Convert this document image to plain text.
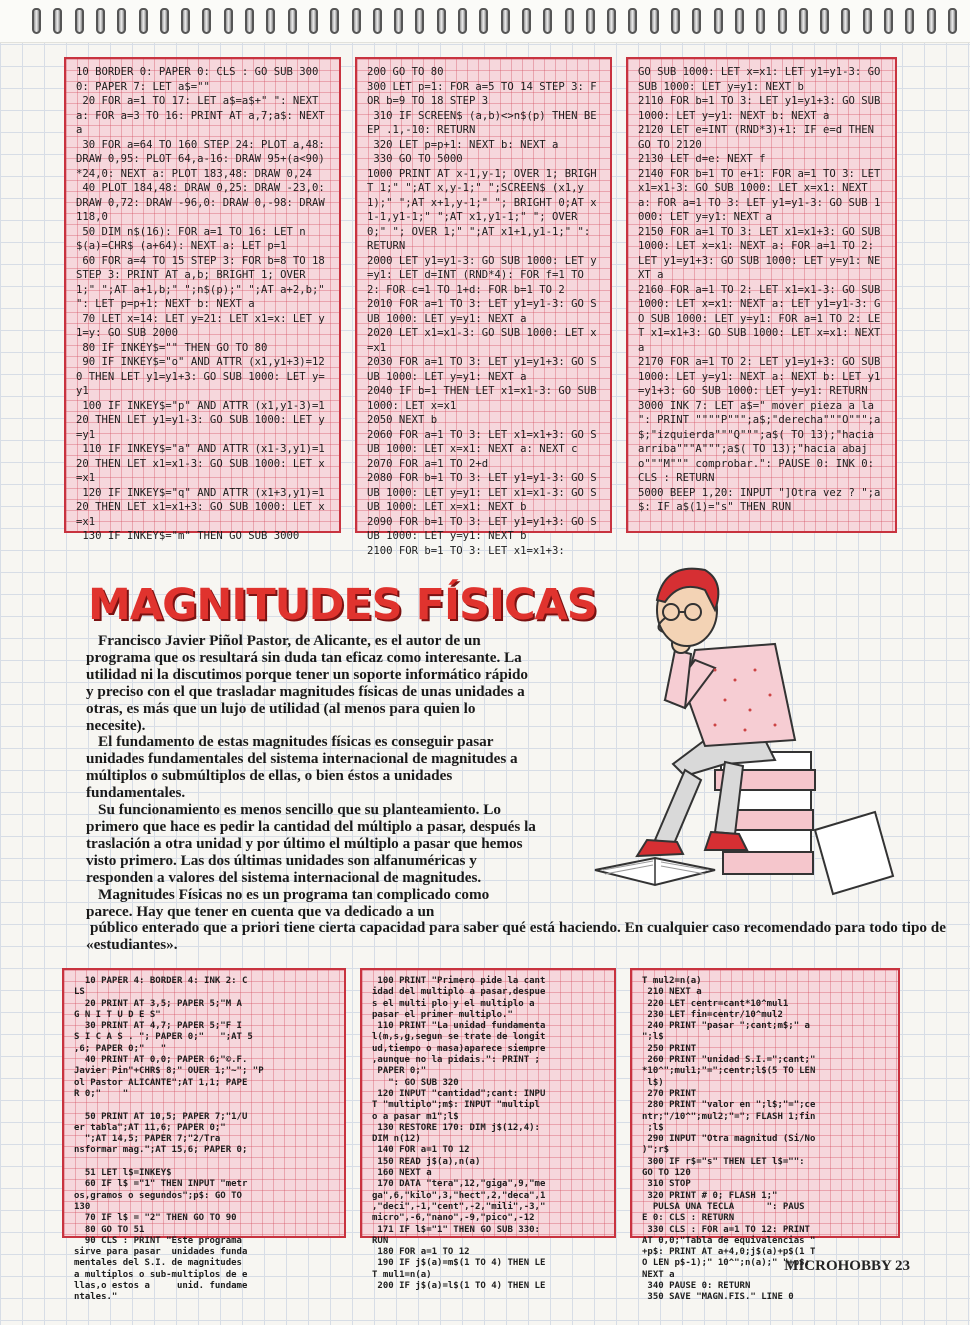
10 BORDER 0: PAPER 0: CLS : GO SUB 3000: PAPER 7: LET a$=""
20 FOR a=1 TO 17: LET a$=a$+" ": NEXT a: FOR a=3 TO 16: PRINT AT a,7;a$: NEXT a
30 FOR a=64 TO 160 STEP 24: PLOT a,48: DRAW 0,95: PLOT 64,a-16: DRAW 95+(a<90)*24,0: NEXT a: PLOT 183,48: DRAW 0,24
40 PLOT 184,48: DRAW 0,25: DRAW -23,0: DRAW 0,72: DRAW -96,0: DRAW 0,-98: DRAW 118,0
50 DIM n$(16): FOR a=1 TO 16: LET n$(a)=CHR$ (a+64): NEXT a: LET p=1
60 FOR a=4 TO 15 STEP 3: FOR b=8 TO 18 STEP 3: PRINT AT a,b; BRIGHT 1; OVER 1;" ";AT a+1,b;" ";n$(p);" ";AT a+2,b;" ": LET p=p+1: NEXT b: NEXT a
70 LET x=14: LET y=21: LET x1=x: LET y1=y: GO SUB 2000
80 IF INKEY$="" THEN GO TO 80
90 IF INKEY$="o" AND ATTR (x1,y1+3)=120 THEN LET y1=y1+3: GO SUB 1000: LET y=y1
100 IF INKEY$="p" AND ATTR (x1,y1-3)=120 THEN LET y1=y1-3: GO SUB 1000: LET y=y1
110 IF INKEY$="a" AND ATTR (x1-3,y1)=120 THEN LET x1=x1-3: GO SUB 1000: LET x=x1
120 IF INKEY$="q" AND ATTR (x1+3,y1)=120 THEN LET x1=x1+3: GO SUB 1000: LET x=x1
130 IF INKEY$="m" THEN GO SUB 3000
200 GO TO 80
300 LET p=1: FOR a=5 TO 14 STEP 3: FOR b=9 TO 18 STEP 3
310 IF SCREEN$ (a,b)<>n$(p) THEN BEEP .1,-10: RETURN
320 LET p=p+1: NEXT b: NEXT a
330 GO TO 5000
1000 PRINT AT x-1,y-1; OVER 1; BRIGHT 1;" ";AT x,y-1;" ";SCREEN$ (x1,y1);" ";AT x+1,y-1;" "; BRIGHT 0;AT x1-1,y1-1;" ";AT x1,y1-1;" "; OVER 0;" "; OVER 1;" ";AT x1+1,y1-1;" ": RETURN
2000 LET y1=y1-3: GO SUB 1000: LET y=y1: LET d=INT (RND*4): FOR f=1 TO 2: FOR c=1 TO 1+d: FOR b=1 TO 2
2010 FOR a=1 TO 3: LET y1=y1-3: GO SUB 1000: LET y=y1: NEXT a
2020 LET x1=x1-3: GO SUB 1000: LET x=x1
2030 FOR a=1 TO 3: LET y1=y1+3: GO SUB 1000: LET y=y1: NEXT a
2040 IF b=1 THEN LET x1=x1-3: GO SUB 1000: LET x=x1
2050 NEXT b
2060 FOR a=1 TO 3: LET x1=x1+3: GO SUB 1000: LET x=x1: NEXT a: NEXT c
2070 FOR a=1 TO 2+d
2080 FOR b=1 TO 3: LET y1=y1-3: GO SUB 1000: LET y=y1: LET x1=x1-3: GO SUB 1000: LET x=x1: NEXT b
2090 FOR b=1 TO 3: LET y1=y1+3: GO SUB 1000: LET y=y1: NEXT b
2100 FOR b=1 TO 3: LET x1=x1+3:
GO SUB 1000: LET x=x1: LET y1=y1-3: GO SUB 1000: LET y=y1: NEXT b
2110 FOR b=1 TO 3: LET y1=y1+3: GO SUB 1000: LET y=y1: NEXT b: NEXT a
2120 LET e=INT (RND*3)+1: IF e=d THEN GO TO 2120
2130 LET d=e: NEXT f
2140 FOR b=1 TO e+1: FOR a=1 TO 3: LET x1=x1-3: GO SUB 1000: LET x=x1: NEXT a: FOR a=1 TO 3: LET y1=y1-3: GO SUB 1000: LET y=y1: NEXT a
2150 FOR a=1 TO 3: LET x1=x1+3: GO SUB 1000: LET x=x1: NEXT a: FOR a=1 TO 2: LET y1=y1+3: GO SUB 1000: LET y=y1: NEXT a
2160 FOR a=1 TO 2: LET x1=x1-3: GO SUB 1000: LET x=x1: NEXT a: LET y1=y1-3: GO SUB 1000: LET y=y1: FOR a=1 TO 2: LET x1=x1+3: GO SUB 1000: LET x=x1: NEXT a
2170 FOR a=1 TO 2: LET y1=y1+3: GO SUB 1000: LET y=y1: NEXT a: NEXT b: LET y1=y1+3: GO SUB 1000: LET y=y1: RETURN
3000 INK 7: LET a$=" mover pieza a la ": PRINT """"P""";a$;"derecha"""O""";a$;"izquierda"""Q""";a$( TO 13);"hacia arriba"""A""";a$( TO 13);"hacia abajo"""M""" comprobar.": PAUSE 0: INK 0: CLS : RETURN
5000 BEEP 1,20: INPUT "]Otra vez ? ";a$: IF a$(1)="s" THEN RUN
MAGNITUDES FÍSICAS

Francisco Javier Piñol Pastor, de Alicante, es el autor de un programa que os resultará sin duda tan eficaz como interesante. La utilidad ni la discutimos porque tener un soporte informático rápido y preciso con el que trasladar magnitudes físicas de unas unidades a otras, es más que un lujo de utilidad (al menos para quien lo necesite).

El fundamento de estas magnitudes físicas es conseguir pasar unidades fundamentales del sistema internacional de magnitudes a múltiplos o submúltiplos de ellas, o bien éstos a unidades fundamentales.

Su funcionamiento es menos sencillo que su planteamiento. Lo primero que hace es pedir la cantidad del múltiplo a pasar, después la traslación a otra unidad y por último el múltiplo a pasar que hemos visto primero. Las dos últimas unidades son alfanuméricas y responden a valores del sistema internacional de magnitudes.

Magnitudes Físicas no es un programa tan complicado como parece. Hay que tener en cuenta que va dedicado a un

público enterado que a priori tiene cierta capacidad para saber qué está haciendo. En cualquier caso recomendado para todo tipo de «estudiantes».

10 PAPER 4: BORDER 4: INK 2: C
LS
20 PRINT AT 3,5; PAPER 5;"M A
G N I T U D E S"
30 PRINT AT 4,7; PAPER 5;"F I
S I C A S . "; PAPER 0;"   ";AT 5
,6; PAPER 0;"   "
40 PRINT AT 0,0; PAPER 6;"©.F.
Javier Pin"+CHR$ 8;" OUER 1;"~"; "P
ol Pastor ALICANTE";AT 1,1; PAPE
R 0;"    "

50 PRINT AT 10,5; PAPER 7;"1/U
er tabla";AT 11,6; PAPER 0;"
";AT 14,5; PAPER 7;"2/Tra
nsformar mag.";AT 15,6; PAPER 0;

51 LET l$=INKEY$
60 IF l$ ="1" THEN INPUT "metr
os,gramos o segundos";p$: GO TO
130
70 IF l$ = "2" THEN GO TO 90
80 GO TO 51
90 CLS : PRINT "Este programa
sirve para pasar  unidades funda
mentales del S.I. de magnitudes
a multiplos o sub-multiplos de e
llas,o estos a     unid. fundame
ntales."
100 PRINT "Primero pide la cant
idad del multiplo a pasar,despue
s el multi plo y el multiplo a
pasar el primer multiplo."
110 PRINT "La unidad fundamenta
l(m,s,g,segun se trate de longit
ud,tiempo o masa)aparece siempre
,aunque no la pidais.": PRINT ;
PAPER 0;"
": GO SUB 320
120 INPUT "cantidad";cant: INPU
T "multiplo";m$: INPUT "multipl
o a pasar m1";l$
130 RESTORE 170: DIM j$(12,4):
DIM n(12)
140 FOR a=1 TO 12
150 READ j$(a),n(a)
160 NEXT a
170 DATA "tera",12,"giga",9,"me
ga",6,"kilo",3,"hect",2,"deca",1
,"deci",-1,"cent",-2,"mili",-3,"
micro",-6,"nano",-9,"pico",-12
171 IF l$="1" THEN GO SUB 330:
RUN
180 FOR a=1 TO 12
190 IF j$(a)=m$(1 TO 4) THEN LE
T mul1=n(a)
200 IF j$(a)=l$(1 TO 4) THEN LE
T mul2=n(a)
210 NEXT a
220 LET centr=cant*10^mul1
230 LET fin=centr/10^mul2
240 PRINT "pasar ";cant;m$;" a
";l$
250 PRINT
260 PRINT "unidad S.I.=";cant;"
*10^";mul1;"=";centr;l$(5 TO LEN
l$)
270 PRINT
280 PRINT "valor en ";l$;"=";ce
ntr;"/10^";mul2;"="; FLASH 1;fin
;l$
290 INPUT "Otra magnitud (Si/No
)";r$
300 IF r$="s" THEN LET l$="":
GO TO 120
310 STOP
320 PRINT # 0; FLASH 1;"
PULSA UNA TECLA      ": PAUS
E 0: CLS : RETURN
330 CLS : FOR a=1 TO 12: PRINT
AT 0,0;"Tabla de equivalencias "
+p$: PRINT AT a+4,0;j$(a)+p$(1 T
O LEN p$-1);" 10^";n(a);" "+p$:
NEXT a
340 PAUSE 0: RETURN
350 SAVE "MAGN.FIS." LINE 0
MICROHOBBY 23
